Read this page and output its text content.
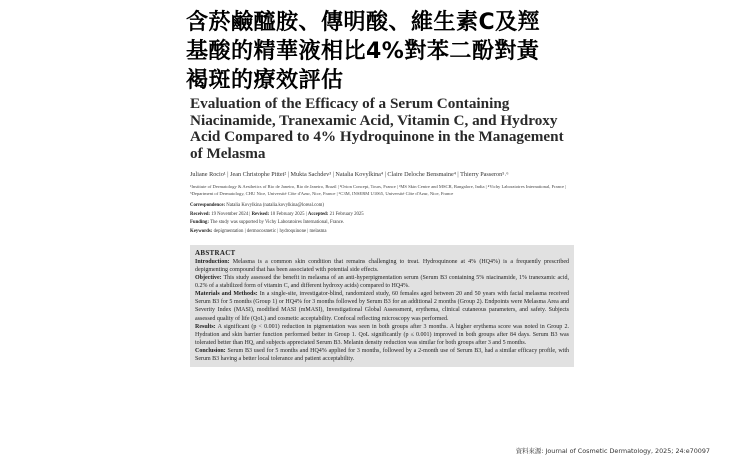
含菸鹼醯胺、傳明酸、維生素C及羥
基酸的精華液相比4%對苯二酚對黃
褐斑的療效評估
Evaluation of the Efficacy of a Serum Containing Niacinamide, Tranexamic Acid, Vitamin C, and Hydroxy Acid Compared to 4% Hydroquinone in the Management of Melasma
Juliane Rocio¹ | Jean Christophe Pittet² | Mukta Sachdev³ | Natalia Kovylkina⁴ | Claire Deloche Bensmaine⁴ | Thierry Passeron⁵˒⁶
¹Institute of Dermatology & Aesthetics of Rio de Janeiro, Rio de Janeiro, Brazil | ²Orion Concept, Tours, France | ³MS Skin Centre and MSCR, Bangalore, India | ⁴Vichy Laboratoires International, France | ⁵Department of Dermatology, CHU Nice, Université Côte d'Azur, Nice, France | ⁶C3M, INSERM U1065, Université Côte d'Azur, Nice, France
Correspondence: Natalia Kovylkina (natalia.kovylkina@loreal.com)
Received: 19 November 2024 | Revised: 10 February 2025 | Accepted: 21 February 2025
Funding: The study was supported by Vichy Laboratoires International, France.
Keywords: depigmentation | dermocosmetic | hydroquinone | melasma
ABSTRACT

Introduction: Melasma is a common skin condition that remains challenging to treat. Hydroquinone at 4% (HQ4%) is a frequently prescribed depigmenting compound that has been associated with potential side effects.

Objective: This study assessed the benefit in melasma of an anti-hyperpigmentation serum (Serum B3 containing 5% niacinamide, 1% tranexamic acid, 0.2% of a stabilized form of vitamin C, and different hydroxy acids) compared to HQ4%.

Materials and Methods: In a single-site, investigator-blind, randomized study, 60 females aged between 20 and 50 years with facial melasma received Serum B3 for 5 months (Group 1) or HQ4% for 3 months followed by Serum B3 for an additional 2 months (Group 2). Endpoints were Melasma Area and Severity Index (MASI), modified MASI (mMASI), Investigational Global Assessment, erythema, clinical cutaneous parameters, and safety. Subjects assessed quality of life (QoL) and cosmetic acceptability. Confocal reflecting microscopy was performed.

Results: A significant (p < 0.001) reduction in pigmentation was seen in both groups after 3 months. A higher erythema score was noted in Group 2. Hydration and skin barrier function performed better in Group 1. QoL significantly (p ≤ 0.001) improved in both groups after 84 days. Serum B3 was tolerated better than HQ, and subjects appreciated Serum B3. Melanin density reduction was similar for both groups after 3 and 5 months.

Conclusion: Serum B3 used for 5 months and HQ4% applied for 3 months, followed by a 2-month use of Serum B3, had a similar efficacy profile, with Serum B3 having a better local tolerance and patient acceptability.

資料來源: Journal of Cosmetic Dermatology, 2025; 24:e70097
